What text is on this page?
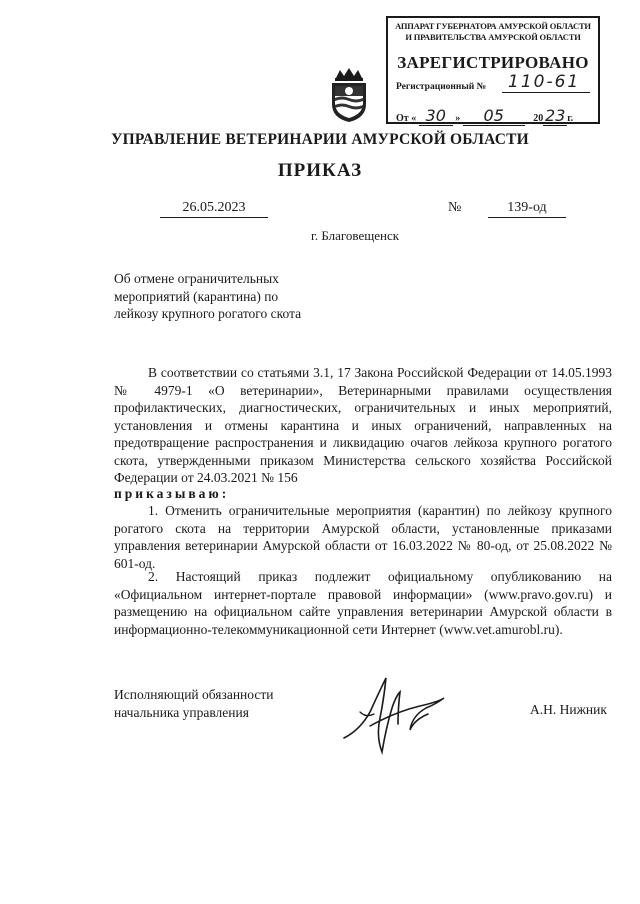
АППАРАТ ГУБЕРНАТОРА АМУРСКОЙ ОБЛАСТИ
И ПРАВИТЕЛЬСТВА АМУРСКОЙ ОБЛАСТИ
ЗАРЕГИСТРИРОВАНО
Регистрационный № 110-61
От « 30 » 05	20 23 г.
УПРАВЛЕНИЕ ВЕТЕРИНАРИИ АМУРСКОЙ ОБЛАСТИ
ПРИКАЗ
26.05.2023	№	139-од
г. Благовещенск
Об отмене ограничительных мероприятий (карантина) по лейкозу крупного рогатого скота

В соответствии со статьями 3.1, 17 Закона Российской Федерации от 14.05.1993 № 4979-1 «О ветеринарии», Ветеринарными правилами осуществления профилактических, диагностических, ограничительных и иных мероприятий, установления и отмены карантина и иных ограничений, направленных на предотвращение распространения и ликвидацию очагов лейкоза крупного рогатого скота, утвержденными приказом Министерства сельского хозяйства Российской Федерации от 24.03.2021 № 156

приказываю:

1. Отменить ограничительные мероприятия (карантин) по лейкозу крупного рогатого скота на территории Амурской области, установленные приказами управления ветеринарии Амурской области от 16.03.2022 № 80-од, от 25.08.2022 № 601-од.

2. Настоящий приказ подлежит официальному опубликованию на «Официальном интернет-портале правовой информации» (www.pravo.gov.ru) и размещению на официальном сайте управления ветеринарии Амурской области в информационно-телекоммуникационной сети Интернет (www.vet.amurobl.ru).

Исполняющий обязанности
начальника управления	А.Н. Нижник
